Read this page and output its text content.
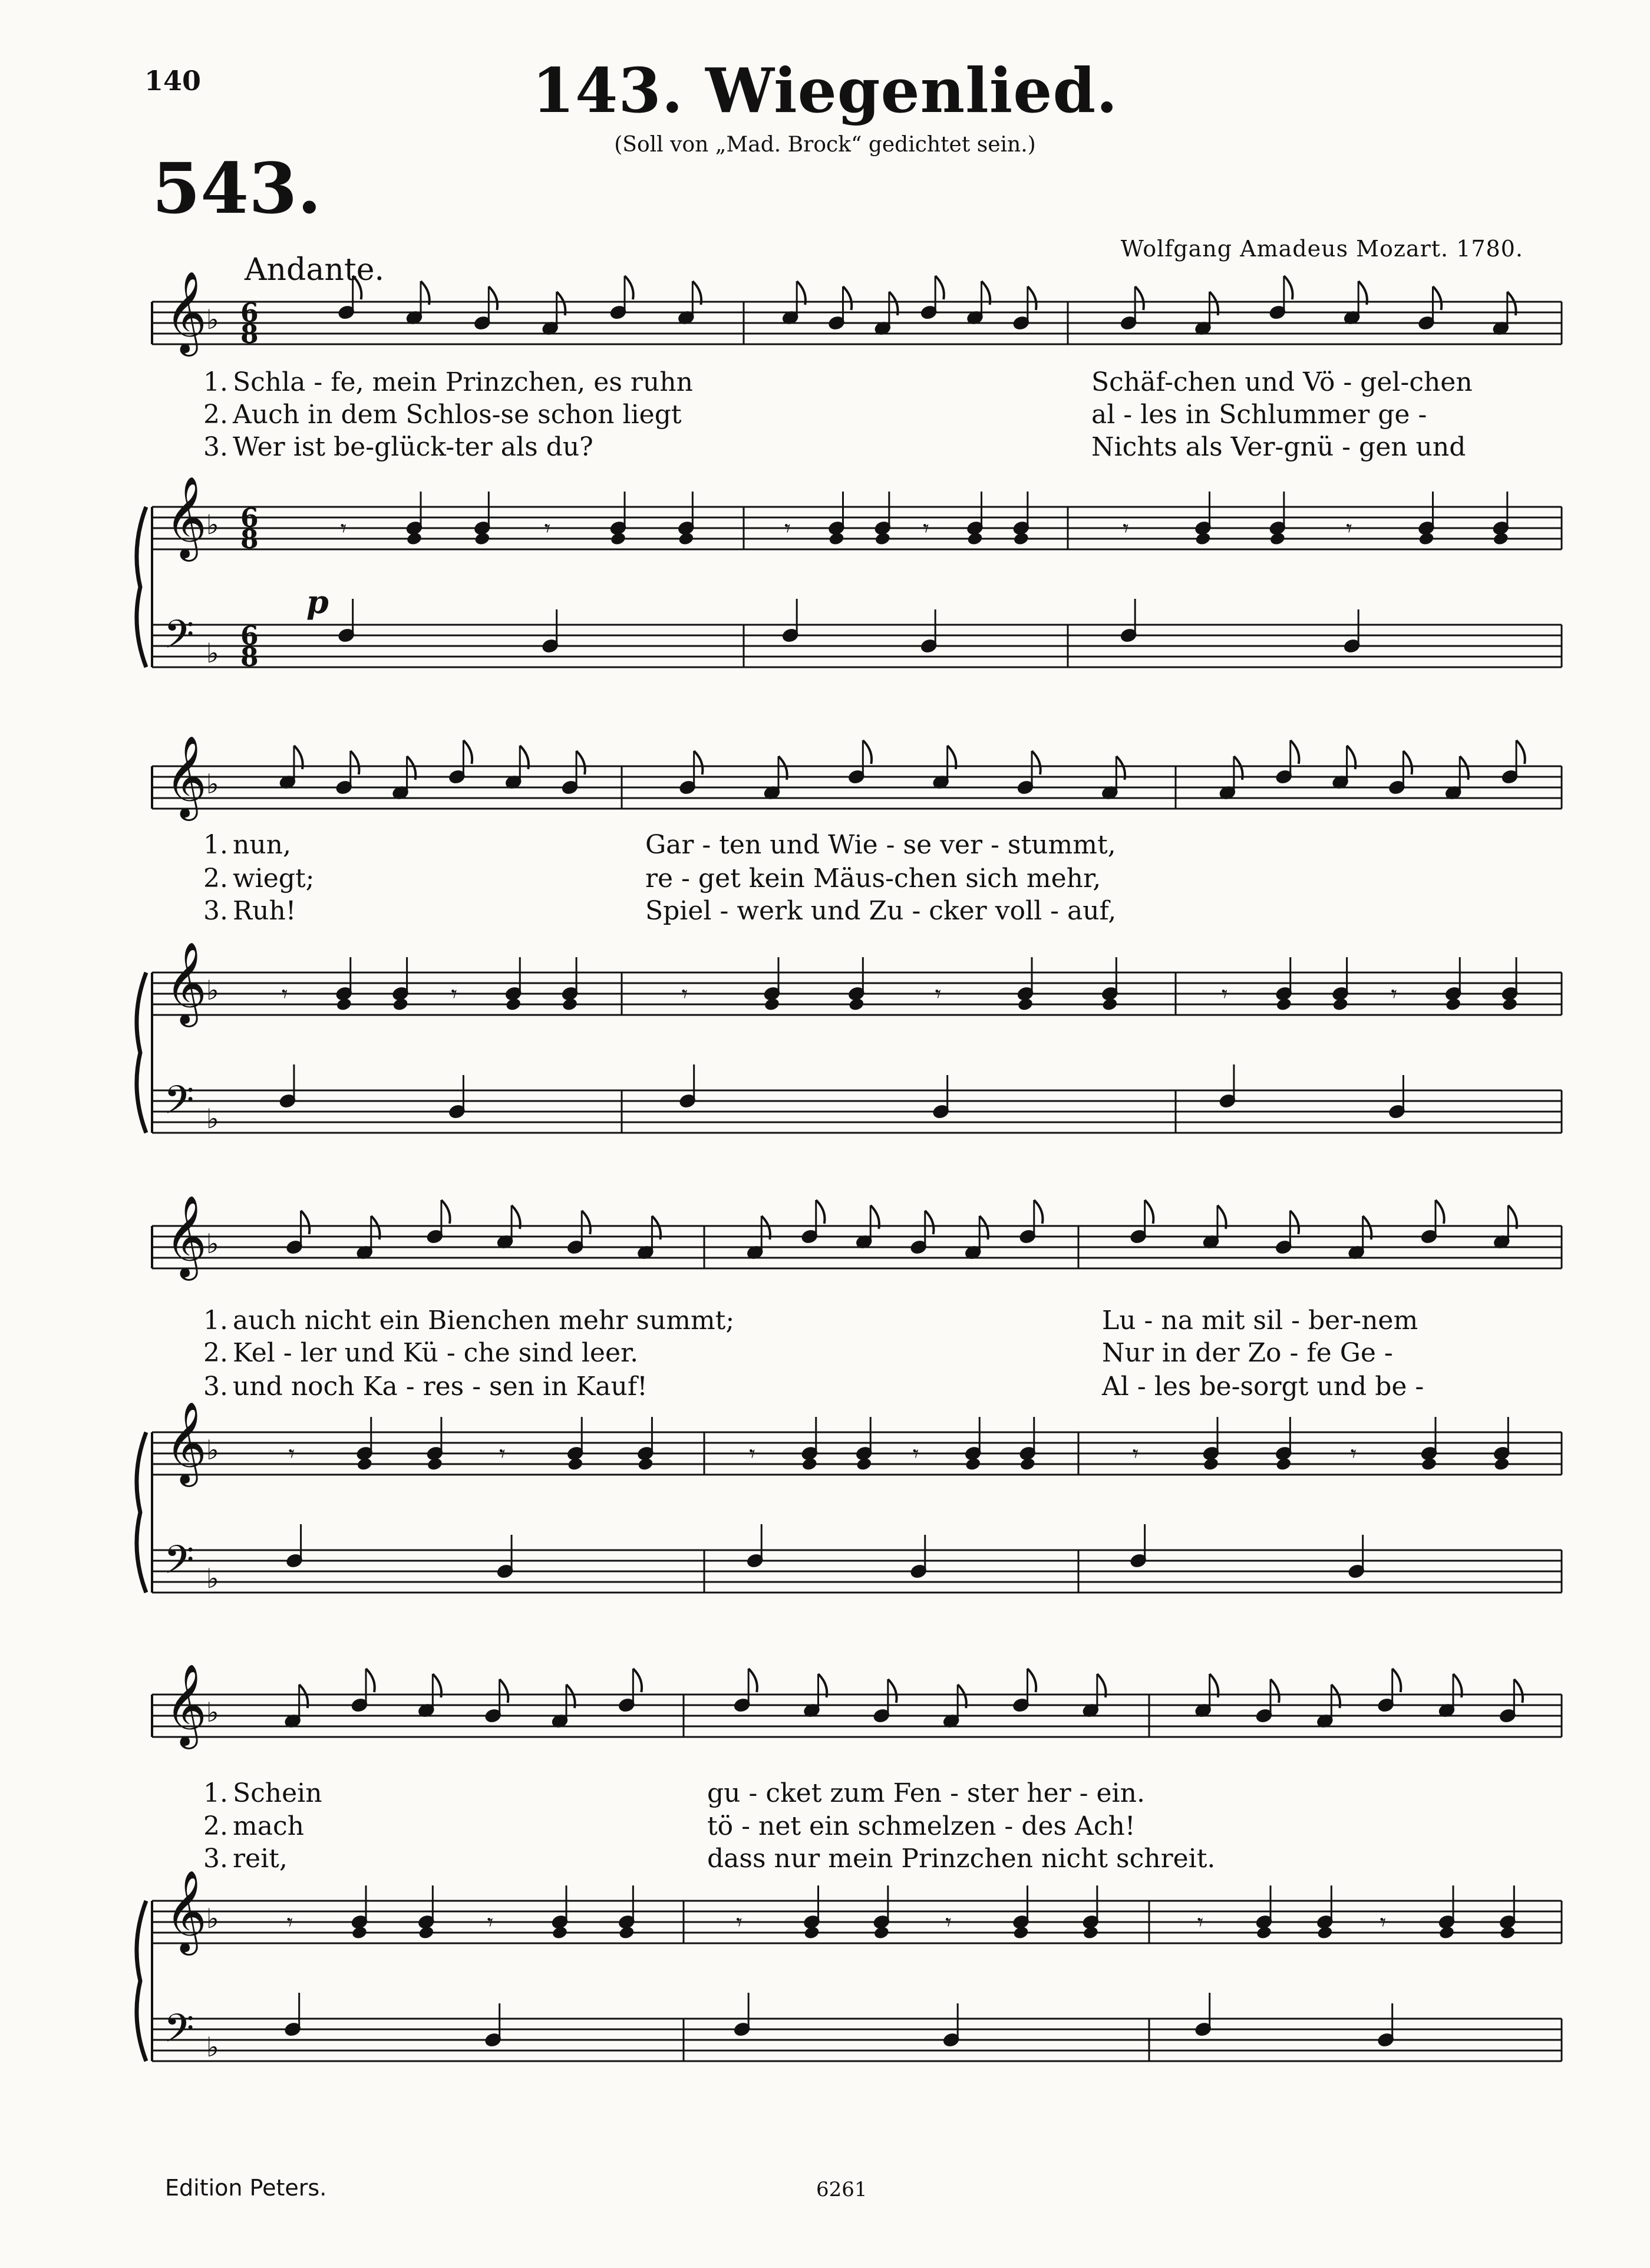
140	143. Wiegenlied.
(Soll von „Mad. Brock“ gedichtet sein.)
543.
Wolfgang Amadeus Mozart. 1780.
Andante.
Edition Peters.	6261
𝄞
𝄞
𝄢
♭
♭
♭
6
8
6
8
6
8
𝄾	𝄾	𝄾	𝄾	𝄾	𝄾
1. Schla - fe, mein Prinzchen, es ruhn	Schäf-chen und Vö - gel-chen
2. Auch in dem Schlos-se schon liegt	al - les in Schlummer ge -
3. Wer ist be-glück-ter als du?	Nichts als Ver-gnü - gen und
𝄞
𝄞
𝄢
♭
♭
♭
𝄾	𝄾	𝄾	𝄾	𝄾	𝄾
1. nun,	Gar - ten und Wie - se ver - stummt,
2. wiegt;	re - get kein Mäus-chen sich mehr,
3. Ruh!	Spiel - werk und Zu - cker voll - auf,
𝄞
𝄞
𝄢
♭
♭
♭
𝄾	𝄾	𝄾	𝄾	𝄾	𝄾
1. auch nicht ein Bienchen mehr summt;	Lu - na mit sil - ber-nem
2. Kel - ler und Kü - che sind leer.	Nur in der Zo - fe Ge -
3. und noch Ka - res - sen in Kauf!	Al - les be-sorgt und be -
𝄞
𝄞
𝄢
♭
♭
♭
𝄾	𝄾	𝄾	𝄾	𝄾	𝄾
1. Schein	gu - cket zum Fen - ster her - ein.
2. mach	tö - net ein schmelzen - des Ach!
3. reit,	dass nur mein Prinzchen nicht schreit.
p
